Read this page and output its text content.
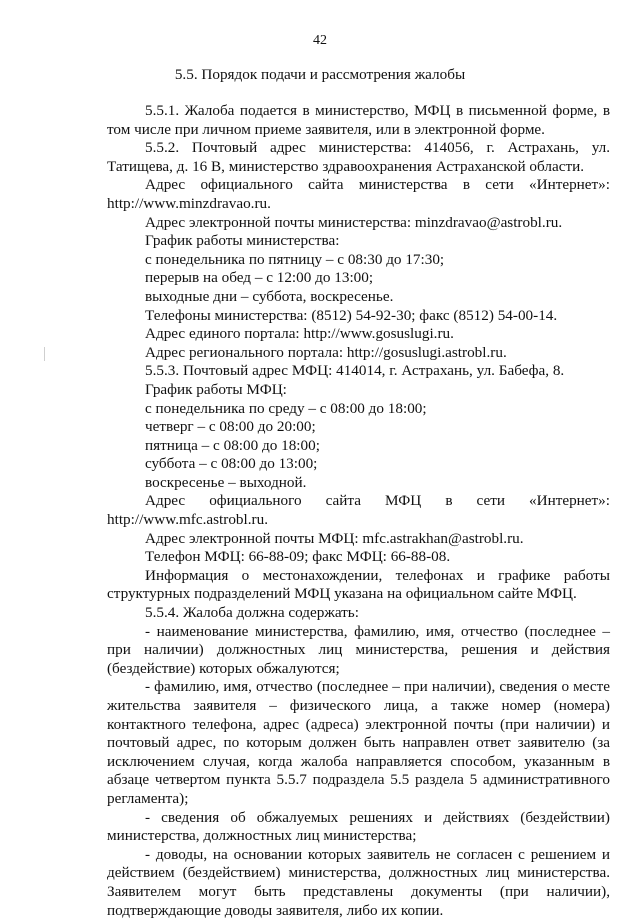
42
5.5. Порядок подачи и рассмотрения жалобы

5.5.1. Жалоба подается в министерство, МФЦ в письменной форме, в том числе при личном приеме заявителя, или в электронной форме.

5.5.2. Почтовый адрес министерства: 414056, г. Астрахань, ул. Татищева, д. 16 В, министерство здравоохранения Астраханской области.

Адрес официального сайта министерства в сети «Интернет»: http://www.minzdravao.ru.

Адрес электронной почты министерства: minzdravao@astrobl.ru.

График работы министерства:

с понедельника по пятницу – с 08:30 до 17:30;

перерыв на обед – с 12:00 до 13:00;

выходные дни – суббота, воскресенье.

Телефоны министерства: (8512) 54-92-30; факс (8512) 54-00-14.

Адрес единого портала: http://www.gosuslugi.ru.

Адрес регионального портала: http://gosuslugi.astrobl.ru.

5.5.3. Почтовый адрес МФЦ: 414014, г. Астрахань, ул. Бабефа, 8.

График работы МФЦ:

с понедельника по среду – с 08:00 до 18:00;

четверг – с 08:00 до 20:00;

пятница – с 08:00 до 18:00;

суббота – с 08:00 до 13:00;

воскресенье – выходной.

Адрес официального сайта МФЦ в сети «Интернет»: http://www.mfc.astrobl.ru.

Адрес электронной почты МФЦ: mfc.astrakhan@astrobl.ru.

Телефон МФЦ: 66-88-09; факс МФЦ: 66-88-08.

Информация о местонахождении, телефонах и графике работы структурных подразделений МФЦ указана на официальном сайте МФЦ.

5.5.4. Жалоба должна содержать:

- наименование министерства, фамилию, имя, отчество (последнее – при наличии) должностных лиц министерства, решения и действия (бездействие) которых обжалуются;

- фамилию, имя, отчество (последнее – при наличии), сведения о месте жительства заявителя – физического лица, а также номер (номера) контактного телефона, адрес (адреса) электронной почты (при наличии) и почтовый адрес, по которым должен быть направлен ответ заявителю (за исключением случая, когда жалоба направляется способом, указанным в абзаце четвертом пункта 5.5.7 подраздела 5.5 раздела 5 административного регламента);

- сведения об обжалуемых решениях и действиях (бездействии) министерства, должностных лиц министерства;

- доводы, на основании которых заявитель не согласен с решением и действием (бездействием) министерства, должностных лиц министерства. Заявителем могут быть представлены документы (при наличии), подтверждающие доводы заявителя, либо их копии.
